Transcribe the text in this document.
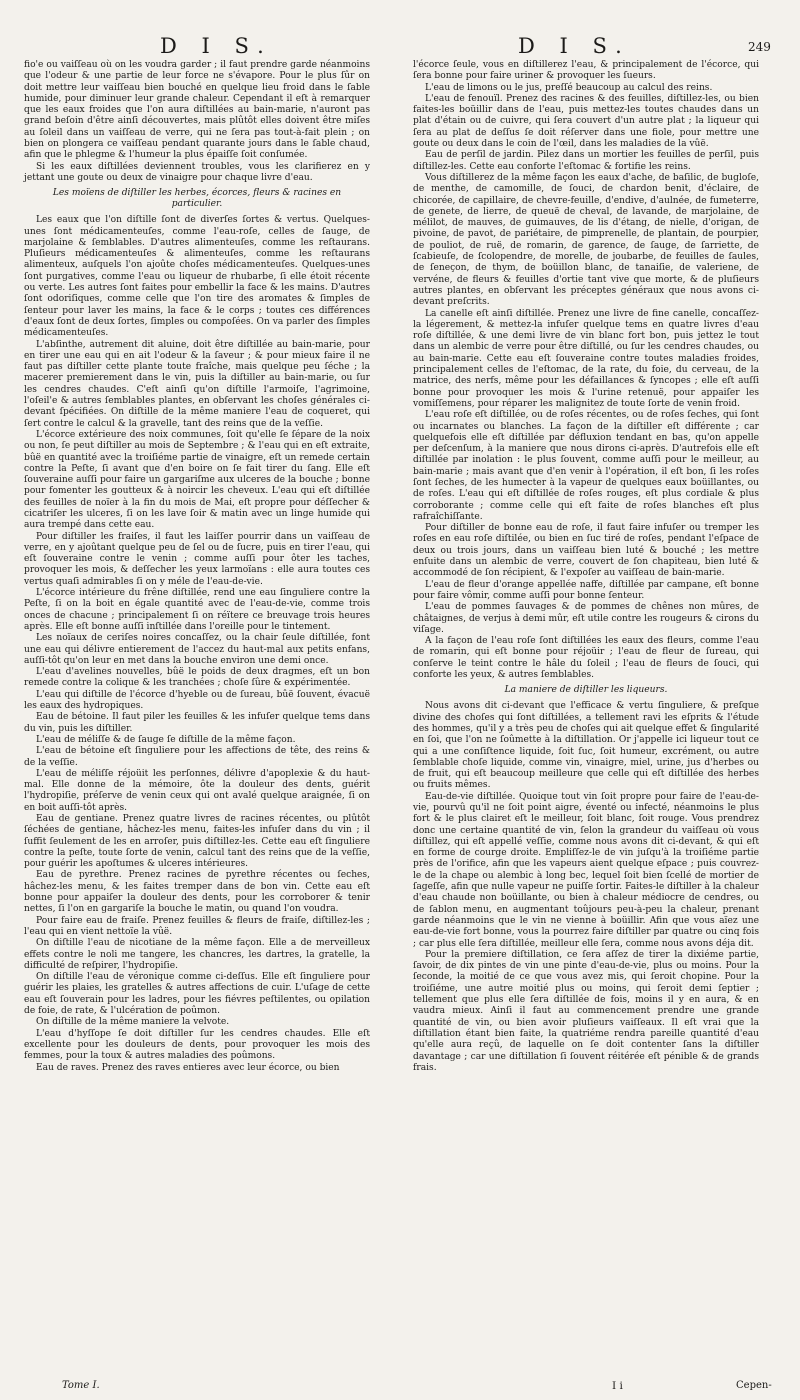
D I S.	D I S.	249

fio'e ou vaiſſeau où on les voudra garder ; il faut prendre garde néanmoins que l'odeur & une partie de leur force ne s'évapore. Pour le plus ſûr on doit mettre leur vaiſſeau bien bouché en quelque lieu froid dans le ſable humide, pour diminuer leur grande chaleur. Cependant il eſt à remarquer que les eaux froides que l'on aura diſtillées au bain-marie, n'auront pas grand beſoin d'être ainſi découvertes, mais plûtôt elles doivent être miſes au ſoleil dans un vaiſſeau de verre, qui ne ſera pas tout-à-fait plein ; on bien on plongera ce vaiſſeau pendant quarante jours dans le ſable chaud, afin que le phlegme & l'humeur la plus épaiſſe ſoit conſumée.

Si les eaux diſtillées deviennent troubles, vous les clarifierez en y jettant une goute ou deux de vinaigre pour chaque livre d'eau.

Les moïens de diſtiller les herbes, écorces, fleurs & racines en particulier.

Les eaux que l'on diſtille ſont de diverſes ſortes & vertus. Quelques-unes ſont médicamenteuſes, comme l'eau-roſe, celles de ſauge, de marjolaine & ſemblables. D'autres alimenteuſes, comme les reſtaurans. Pluſieurs médicamenteuſes & alimenteuſes, comme les reſtaurans alimenteux, auſquels l'on ajoûte choſes médicamenteuſes. Quelques-unes ſont purgatives, comme l'eau ou liqueur de rhubarbe, ſi elle étoit récente ou verte. Les autres ſont faites pour embellir la face & les mains. D'autres ſont odoriſiques, comme celle que l'on tire des aromates & ſimples de ſenteur pour laver les mains, la face & le corps ; toutes ces différences d'eaux ſont de deux ſortes, ſimples ou compoſées. On va parler des ſimples médicamenteuſes.

L'abſinthe, autrement dit aluine, doit être diſtillée au bain-marie, pour en tirer une eau qui en ait l'odeur & la ſaveur ; & pour mieux faire il ne faut pas diſtiller cette plante toute fraîche, mais quelque peu ſéche ; la macerer premierement dans le vin, puis la diſtiller au bain-marie, ou ſur les cendres chaudes. C'eſt ainſi qu'on diſtille l'armoiſe, l'agrimoine, l'oſeil'e & autres ſemblables plantes, en obſervant les choſes générales ci-devant ſpécifiées. On diſtille de la même maniere l'eau de coqueret, qui ſert contre le calcul & la gravelle, tant des reins que de la veſſie.

L'écorce extérieure des noix communes, ſoit qu'elle ſe ſépare de la noix ou non, ſe peut diſtiller au mois de Septembre ; & l'eau qui en eſt extraite, bûë en quantité avec la troiſiéme partie de vinaigre, eſt un remede certain contre la Peſte, ſi avant que d'en boire on ſe fait tirer du ſang. Elle eſt ſouveraine auſſi pour faire un gargariſme aux ulceres de la bouche ; bonne pour fomenter les goutteux & à noircir les cheveux. L'eau qui eſt diſtillée des feuilles de noïer à la fin du mois de Mai, eſt propre pour déſſecher & cicatriſer les ulceres, ſi on les lave ſoir & matin avec un linge humide qui aura trempé dans cette eau.

Pour diſtiller les fraiſes, il faut les laiſſer pourrir dans un vaiſſeau de verre, en y ajoûtant quelque peu de ſel ou de ſucre, puis en tirer l'eau, qui eſt ſouveraine contre le venin ; comme auſſi pour ôter les taches, provoquer les mois, & deſſecher les yeux larmoïans : elle aura toutes ces vertus quaſi admirables ſi on y méle de l'eau-de-vie.

L'écorce intérieure du frêne diſtillée, rend une eau ſinguliere contre la Peſte, ſi on la boit en égale quantité avec de l'eau-de-vie, comme trois onces de chacune ; principalement ſi on réïtere ce breuvage trois heures après. Elle eſt bonne auſſi inſtillée dans l'oreille pour le tintement.

Les noïaux de ceriſes noires concaſſez, ou la chair ſeule diſtillée, font une eau qui délivre entierement de l'accez du haut-mal aux petits enfans, auſſi-tôt qu'on leur en met dans la bouche environ une demi once.

L'eau d'avelines nouvelles, bûë le poids de deux dragmes, eſt un bon remede contre la colique & les tranchées ; choſe ſûre & expérimentée.

L'eau qui diſtille de l'écorce d'hyeble ou de ſureau, bûë ſouvent, évacuë les eaux des hydropiques.

Eau de bétoine. Il faut piler les feuilles & les infuſer quelque tems dans du vin, puis les diſtiller.

L'eau de méliſſe & de ſauge ſe diſtille de la même façon.

L'eau de bétoine eſt ſinguliere pour les affections de tête, des reins & de la veſſie.

L'eau de méliſſe réjoüit les perſonnes, délivre d'apoplexie & du haut-mal. Elle donne de la mémoire, ôte la douleur des dents, guérit l'hydropiſie, préſerve de venin ceux qui ont avalé quelque araignée, ſi on en boit auſſi-tôt après.

Eau de gentiane. Prenez quatre livres de racines récentes, ou plûtôt ſéchées de gentiane, hâchez-les menu, faites-les infuſer dans du vin ; il ſuffit ſeulement de les en arroſer, puis diſtillez-les. Cette eau eſt ſinguliere contre la peſte, toute ſorte de venin, calcul tant des reins que de la veſſie, pour guérir les apoſtumes & ulceres intérieures.

Eau de pyrethre. Prenez racines de pyrethre récentes ou ſeches, hâchez-les menu, & les faites tremper dans de bon vin. Cette eau eſt bonne pour appaiſer la douleur des dents, pour les corroborer & tenir nettes, ſi l'on en gargariſe la bouche le matin, ou quand l'on voudra.

Pour faire eau de fraiſe. Prenez feuilles & fleurs de fraiſe, diſtillez-les ; l'eau qui en vient nettoïe la vûë.

On diſtille l'eau de nicotiane de la même façon. Elle a de merveilleux effets contre le noli me tangere, les chancres, les dartres, la gratelle, la difficulté de reſpirer, l'hydropiſie.

On diſtille l'eau de véronique comme ci-deſſus. Elle eſt ſinguliere pour guérir les plaies, les gratelles & autres affections de cuir. L'uſage de cette eau eſt ſouverain pour les ladres, pour les fiévres peſtilentes, ou opilation de foie, de rate, & l'ulcération de poûmon.

On diſtille de la même maniere la velvote.

L'eau d'hyſſope ſe doit diſtiller ſur les cendres chaudes. Elle eſt excellente pour les douleurs de dents, pour provoquer les mois des femmes, pour la toux & autres maladies des poûmons.

Eau de raves. Prenez des raves entieres avec leur écorce, ou bien

l'écorce ſeule, vous en diſtillerez l'eau, & principalement de l'écorce, qui ſera bonne pour faire uriner & provoquer les ſueurs.

L'eau de limons ou le jus, preſſé beaucoup au calcul des reins.

L'eau de fenouïl. Prenez des racines & des feuilles, diſtillez-les, ou bien faites-les boüillir dans de l'eau, puis mettez-les toutes chaudes dans un plat d'étain ou de cuivre, qui ſera couvert d'un autre plat ; la liqueur qui ſera au plat de deſſus ſe doit réſerver dans une fiole, pour mettre une goute ou deux dans le coin de l'œil, dans les maladies de la vûë.

Eau de perſil de jardin. Pilez dans un mortier les feuilles de perſil, puis diſtillez-les. Cette eau conforte l'eſtomac & fortifie les reins.

Vous diſtillerez de la même façon les eaux d'ache, de baſilic, de bugloſe, de menthe, de camomille, de ſouci, de chardon benit, d'éclaire, de chicorée, de capillaire, de chevre-feuille, d'endive, d'aulnée, de fumeterre, de genete, de lierre, de queuë de cheval, de lavande, de marjolaine, de mélilot, de mauves, de guimauves, de lis d'étang, de nielle, d'origan, de pivoine, de pavot, de pariétaire, de pimprenelle, de plantain, de pourpier, de pouliot, de ruë, de romarin, de garence, de ſauge, de ſarriette, de ſcabieuſe, de ſcolopendre, de morelle, de joubarbe, de feuilles de ſaules, de ſeneçon, de thym, de boüillon blanc, de tanaiſie, de valeriene, de vervéne, de fleurs & feuilles d'ortie tant vive que morte, & de pluſieurs autres plantes, en obſervant les préceptes généraux que nous avons ci-devant preſcrits.

La canelle eſt ainſi diſtillée. Prenez une livre de fine canelle, concaſſez-la légerement, & mettez-la infuſer quelque tems en quatre livres d'eau roſe diſtillée, & une demi livre de vin blanc fort bon, puis jettez le tout dans un alembic de verre pour être diſtillé, ou ſur les cendres chaudes, ou au bain-marie. Cette eau eſt ſouveraine contre toutes maladies froides, principalement celles de l'eſtomac, de la rate, du foie, du cerveau, de la matrice, des nerfs, même pour les défaillances & ſyncopes ; elle eſt auſſi bonne pour provoquer les mois & l'urine retenuë, pour appaiſer les vomiſſemens, pour réparer les malignitez de toute ſorte de venin froid.

L'eau roſe eſt diſtillée, ou de roſes récentes, ou de roſes ſeches, qui ſont ou incarnates ou blanches. La façon de la diſtiller eſt différente ; car quelquefois elle eſt diſtillée par défluxion tendant en bas, qu'on appelle per deſcenſum, à la maniere que nous dirons ci-après. D'autrefois elle eſt diſtillée par inolation : le plus ſouvent, comme auſſi pour le meilleur, au bain-marie ; mais avant que d'en venir à l'opération, il eſt bon, ſi les roſes ſont ſeches, de les humecter à la vapeur de quelques eaux boüillantes, ou de roſes. L'eau qui eſt diſtillée de roſes rouges, eſt plus cordiale & plus corroborante ; comme celle qui eſt faite de roſes blanches eſt plus rafraîchiſſante.

Pour diſtiller de bonne eau de roſe, il faut faire infuſer ou tremper les roſes en eau roſe diſtilée, ou bien en ſuc tiré de roſes, pendant l'eſpace de deux ou trois jours, dans un vaiſſeau bien luté & bouché ; les mettre enſuite dans un alembic de verre, couvert de ſon chapiteau, bien luté & accommodé de ſon récipient, & l'expoſer au vaiſſeau de bain-marie.

L'eau de fleur d'orange appellée naffe, diſtillée par campane, eſt bonne pour faire vômir, comme auſſi pour bonne ſenteur.

L'eau de pommes ſauvages & de pommes de chênes non mûres, de châtaignes, de verjus à demi mûr, eſt utile contre les rougeurs & cirons du viſage.

A la façon de l'eau roſe ſont diſtillées les eaux des fleurs, comme l'eau de romarin, qui eſt bonne pour réjoüir ; l'eau de fleur de ſureau, qui conſerve le teint contre le hâle du ſoleil ; l'eau de fleurs de ſouci, qui conforte les yeux, & autres ſemblables.

La maniere de diſtiller les liqueurs.

Nous avons dit ci-devant que l'efficace & vertu ſinguliere, & preſque divine des choſes qui ſont diſtillées, a tellement ravi les eſprits & l'étude des hommes, qu'il y a très peu de choſes qui ait quelque effet & ſingularité en ſoi, que l'on ne ſoûmette à la diſtillation. Or j'appelle ici liqueur tout ce qui a une conſiſtence liquide, ſoit ſuc, ſoit humeur, excrément, ou autre ſemblable choſe liquide, comme vin, vinaigre, miel, urine, jus d'herbes ou de fruit, qui eſt beaucoup meilleure que celle qui eſt diſtillée des herbes ou fruits mêmes.

Eau-de-vie diſtillée. Quoique tout vin ſoit propre pour faire de l'eau-de-vie, pourvû qu'il ne ſoit point aigre, éventé ou infecté, néanmoins le plus fort & le plus clairet eſt le meilleur, ſoit blanc, ſoit rouge. Vous prendrez donc une certaine quantité de vin, ſelon la grandeur du vaiſſeau où vous diſtillez, qui eſt appellé veſſie, comme nous avons dit ci-devant, & qui eſt en forme de courge droite. Empliſſez-le de vin juſqu'à la troiſiéme partie près de l'orifice, afin que les vapeurs aient quelque eſpace ; puis couvrez-le de la chape ou alembic à long bec, lequel ſoit bien ſcellé de mortier de ſageſſe, afin que nulle vapeur ne puiſſe ſortir. Faites-le diſtiller à la chaleur d'eau chaude non boüillante, ou bien à chaleur médiocre de cendres, ou de ſablon menu, en augmentant toûjours peu-à-peu la chaleur, prenant garde néanmoins que le vin ne vienne à boüillir. Afin que vous aïez une eau-de-vie fort bonne, vous la pourrez faire diſtiller par quatre ou cinq fois ; car plus elle ſera diſtillée, meilleur elle ſera, comme nous avons déja dit.

Pour la premiere diſtillation, ce ſera aſſez de tirer la dixiéme partie, ſavoir, de dix pintes de vin une pinte d'eau-de-vie, plus ou moins. Pour la ſeconde, la moitié de ce que vous avez mis, qui ſeroit chopine. Pour la troiſiéme, une autre moitié plus ou moins, qui ſeroit demi ſeptier ; tellement que plus elle ſera diſtillée de fois, moins il y en aura, & en vaudra mieux. Ainſi il faut au commencement prendre une grande quantité de vin, ou bien avoir pluſieurs vaiſſeaux. Il eſt vrai que la diſtillation étant bien faite, la quatriéme rendra pareille quantité d'eau qu'elle aura reçû, de laquelle on ſe doit contenter ſans la diſtiller davantage ; car une diſtillation ſi ſouvent réitérée eſt pénible & de grands frais.

Tome I.	I i	Cepen-
